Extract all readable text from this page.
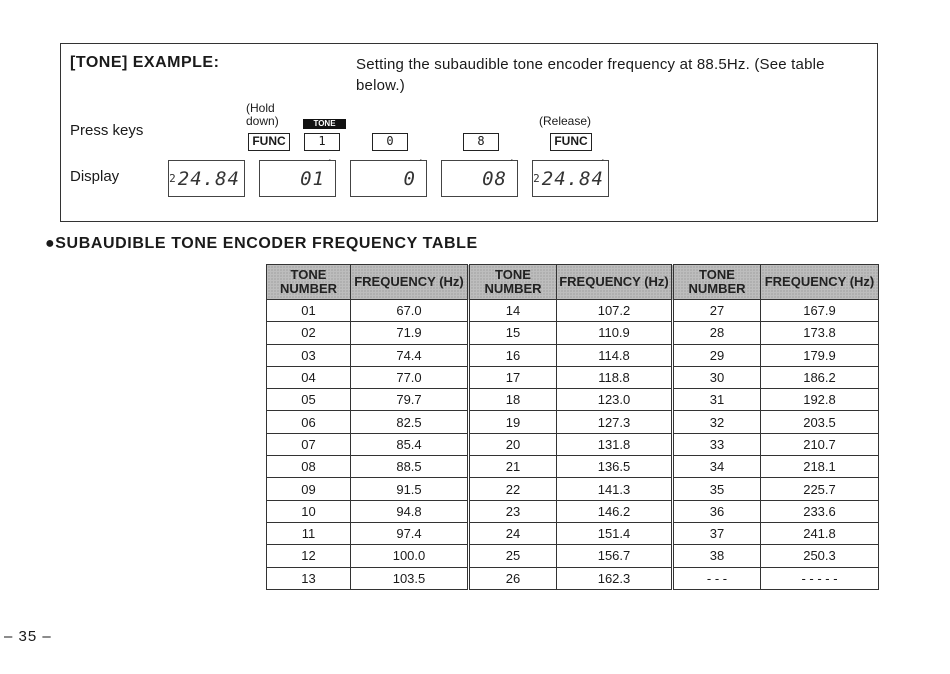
[TONE] EXAMPLE:	Setting the subaudible tone encoder frequency at 88.5Hz. (See table below.)
Press keys
Display
(Hold down)	(Release)
TONE
FUNC	1	0	8	FUNC
2 24.84	01
´
0
´
08
´
2 24.84
´
●SUBAUDIBLE TONE ENCODER FREQUENCY TABLE
TONE NUMBER	FREQUENCY (Hz)	TONE NUMBER	FREQUENCY (Hz)	TONE NUMBER	FREQUENCY (Hz)
01	67.0	14	107.2	27	167.9
02	71.9	15	110.9	28	173.8
03	74.4	16	114.8	29	179.9
04	77.0	17	118.8	30	186.2
05	79.7	18	123.0	31	192.8
06	82.5	19	127.3	32	203.5
07	85.4	20	131.8	33	210.7
08	88.5	21	136.5	34	218.1
09	91.5	22	141.3	35	225.7
10	94.8	23	146.2	36	233.6
11	97.4	24	151.4	37	241.8
12	100.0	25	156.7	38	250.3
13	103.5	26	162.3	- - -	- - - - -
– 35 –
